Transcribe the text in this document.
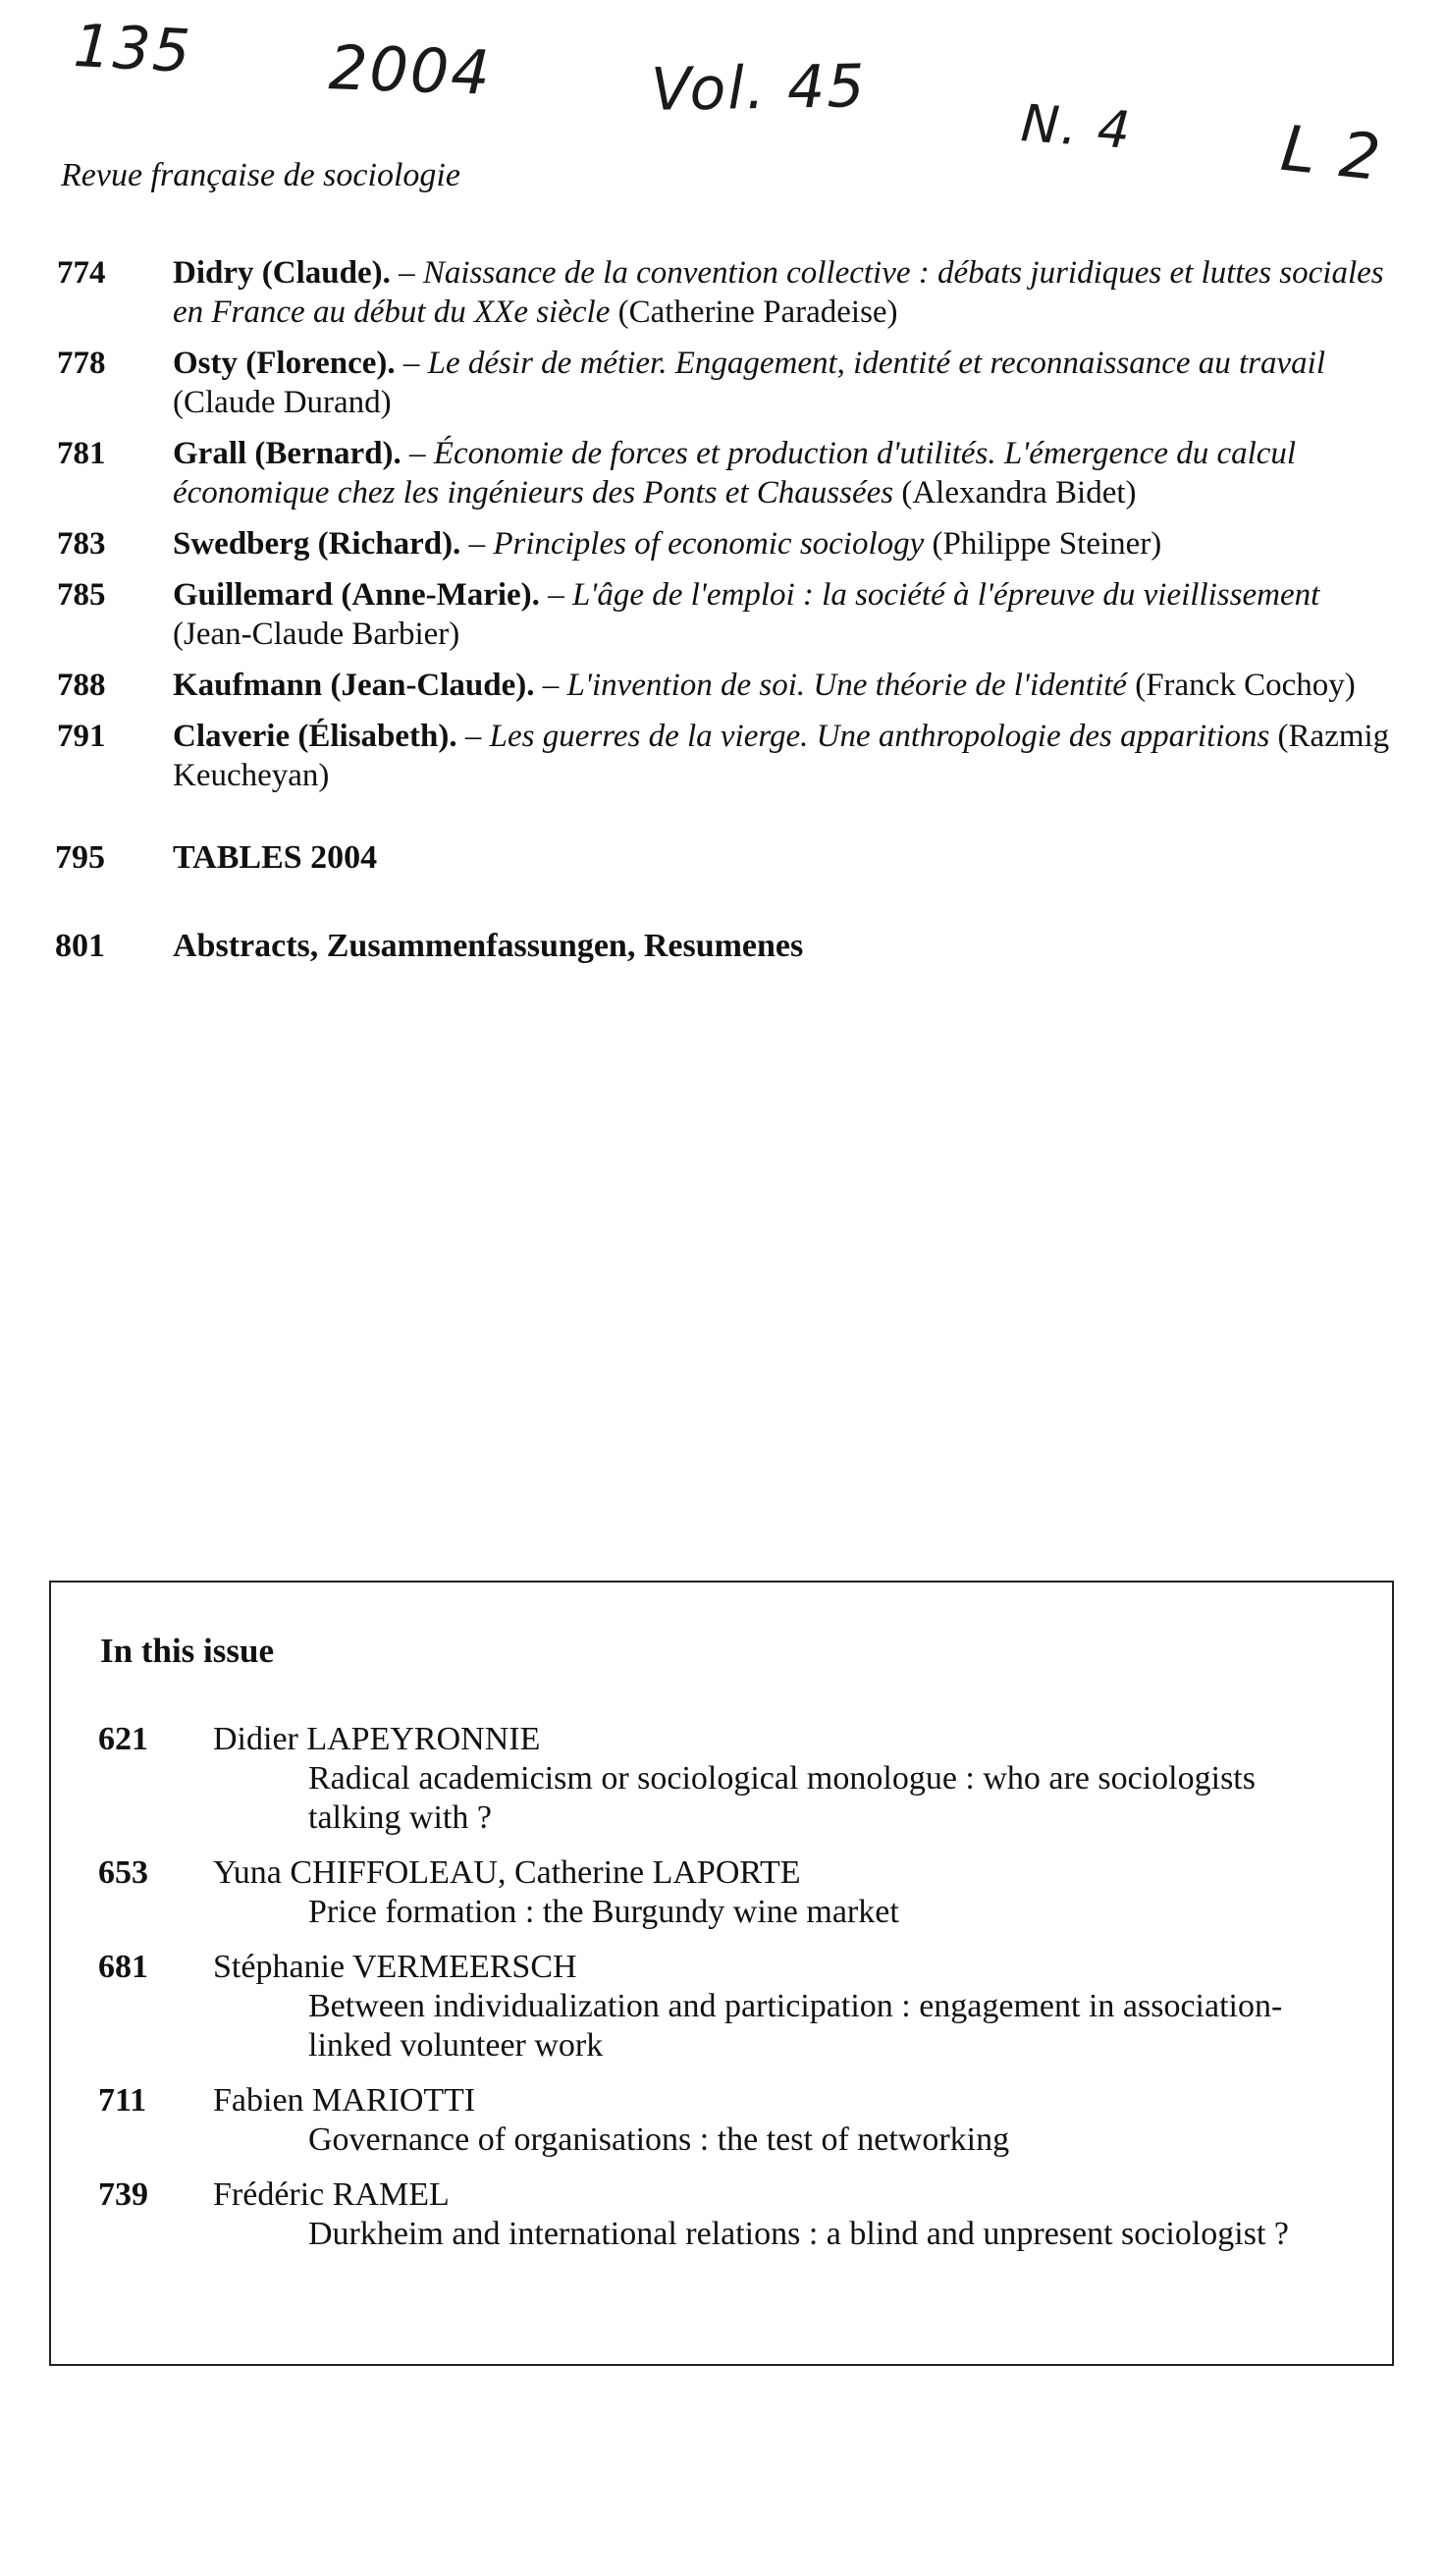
135 2004	Vol. 45
N. 4 L 2
Revue française de sociologie
774 Didry (Claude). – Naissance de la convention collective : débats juridiques et luttes sociales en France au début du XXe siècle (Catherine Paradeise)
778 Osty (Florence). – Le désir de métier. Engagement, identité et reconnaissance au travail (Claude Durand)
781 Grall (Bernard). – Économie de forces et production d'utilités. L'émergence du calcul économique chez les ingénieurs des Ponts et Chaussées (Alexandra Bidet)
783 Swedberg (Richard). – Principles of economic sociology (Philippe Steiner)
785 Guillemard (Anne-Marie). – L'âge de l'emploi : la société à l'épreuve du vieillissement (Jean-Claude Barbier)
788 Kaufmann (Jean-Claude). – L'invention de soi. Une théorie de l'identité (Franck Cochoy)
791 Claverie (Élisabeth). – Les guerres de la vierge. Une anthropologie des apparitions (Razmig Keucheyan)
795 TABLES 2004
801 Abstracts, Zusammenfassungen, Resumenes
In this issue
621 Didier LAPEYRONNIE
Radical academicism or sociological monologue : who are sociologists talking with ?
653 Yuna CHIFFOLEAU, Catherine LAPORTE
Price formation : the Burgundy wine market
681 Stéphanie VERMEERSCH
Between individualization and participation : engagement in association-linked volunteer work
711 Fabien MARIOTTI
Governance of organisations : the test of networking
739 Frédéric RAMEL
Durkheim and international relations : a blind and unpresent sociologist ?
